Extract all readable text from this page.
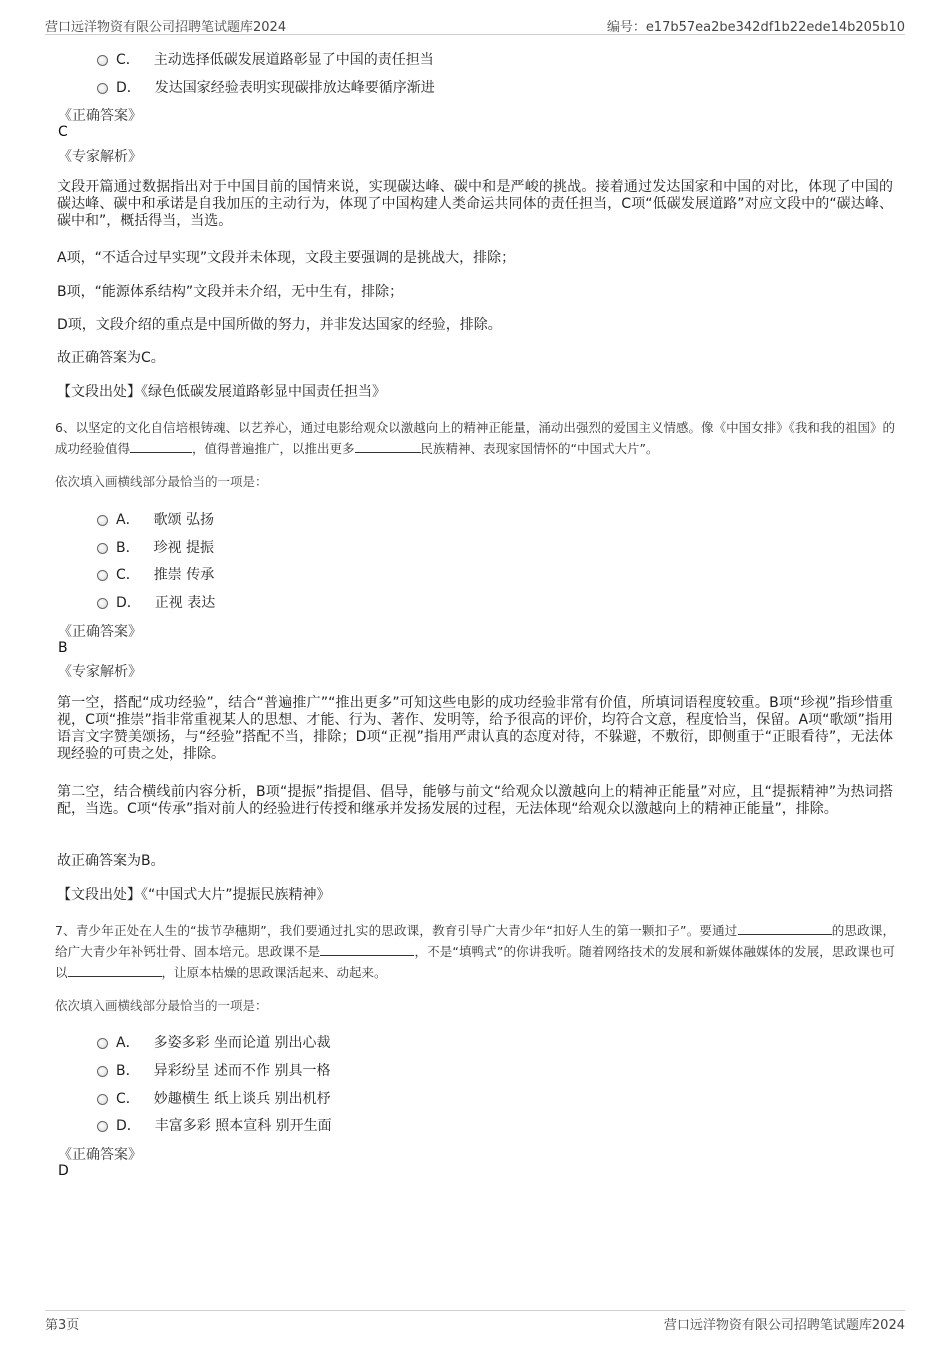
营口远洋物资有限公司招聘笔试题库2024	编号：e17b57ea2be342df1b22ede14b205b10
C． 主动选择低碳发展道路彰显了中国的责任担当
D． 发达国家经验表明实现碳排放达峰要循序渐进
《正确答案》
C
《专家解析》
文段开篇通过数据指出对于中国目前的国情来说，实现碳达峰、碳中和是严峻的挑战。接着通过发达国家和中国的对比，体现了中国的碳达峰、碳中和承诺是自我加压的主动行为，体现了中国构建人类命运共同体的责任担当，C项“低碳发展道路”对应文段中的“碳达峰、碳中和”，概括得当，当选。
A项，“不适合过早实现”文段并未体现，文段主要强调的是挑战大，排除；
B项，“能源体系结构”文段并未介绍，无中生有，排除；
D项，文段介绍的重点是中国所做的努力，并非发达国家的经验，排除。
故正确答案为C。
【文段出处】《绿色低碳发展道路彰显中国责任担当》
6、以坚定的文化自信培根铸魂、以艺养心，通过电影给观众以激越向上的精神正能量，涌动出强烈的爱国主义情感。像《中国女排》《我和我的祖国》的成功经验值得	，值得普遍推广，以推出更多	民族精神、表现家国情怀的“中国式大片”。
依次填入画横线部分最恰当的一项是：
A． 歌颂 弘扬
B． 珍视 提振
C． 推崇 传承
D． 正视 表达
《正确答案》
B
《专家解析》
第一空，搭配“成功经验”，结合“普遍推广”“推出更多”可知这些电影的成功经验非常有价值，所填词语程度较重。B项“珍视”指珍惜重视，C项“推崇”指非常重视某人的思想、才能、行为、著作、发明等，给予很高的评价，均符合文意，程度恰当，保留。A项“歌颂”指用语言文字赞美颂扬，与“经验”搭配不当，排除；D项“正视”指用严肃认真的态度对待，不躲避，不敷衍，即侧重于“正眼看待”，无法体现经验的可贵之处，排除。
第二空，结合横线前内容分析，B项“提振”指提倡、倡导，能够与前文“给观众以激越向上的精神正能量”对应，且“提振精神”为热词搭配，当选。C项“传承”指对前人的经验进行传授和继承并发扬发展的过程，无法体现“给观众以激越向上的精神正能量”，排除。
故正确答案为B。
【文段出处】《“中国式大片”提振民族精神》
7、青少年正处在人生的“拔节孕穗期”，我们要通过扎实的思政课，教育引导广大青少年“扣好人生的第一颗扣子”。要通过	的思政课，给广大青少年补钙壮骨、固本培元。思政课不是	，不是“填鸭式”的你讲我听。随着网络技术的发展和新媒体融媒体的发展，思政课也可以	，让原本枯燥的思政课活起来、动起来。
依次填入画横线部分最恰当的一项是：
A． 多姿多彩 坐而论道 别出心裁
B． 异彩纷呈 述而不作 别具一格
C． 妙趣横生 纸上谈兵 别出机杼
D． 丰富多彩 照本宣科 别开生面
《正确答案》
D
第3页	营口远洋物资有限公司招聘笔试题库2024
